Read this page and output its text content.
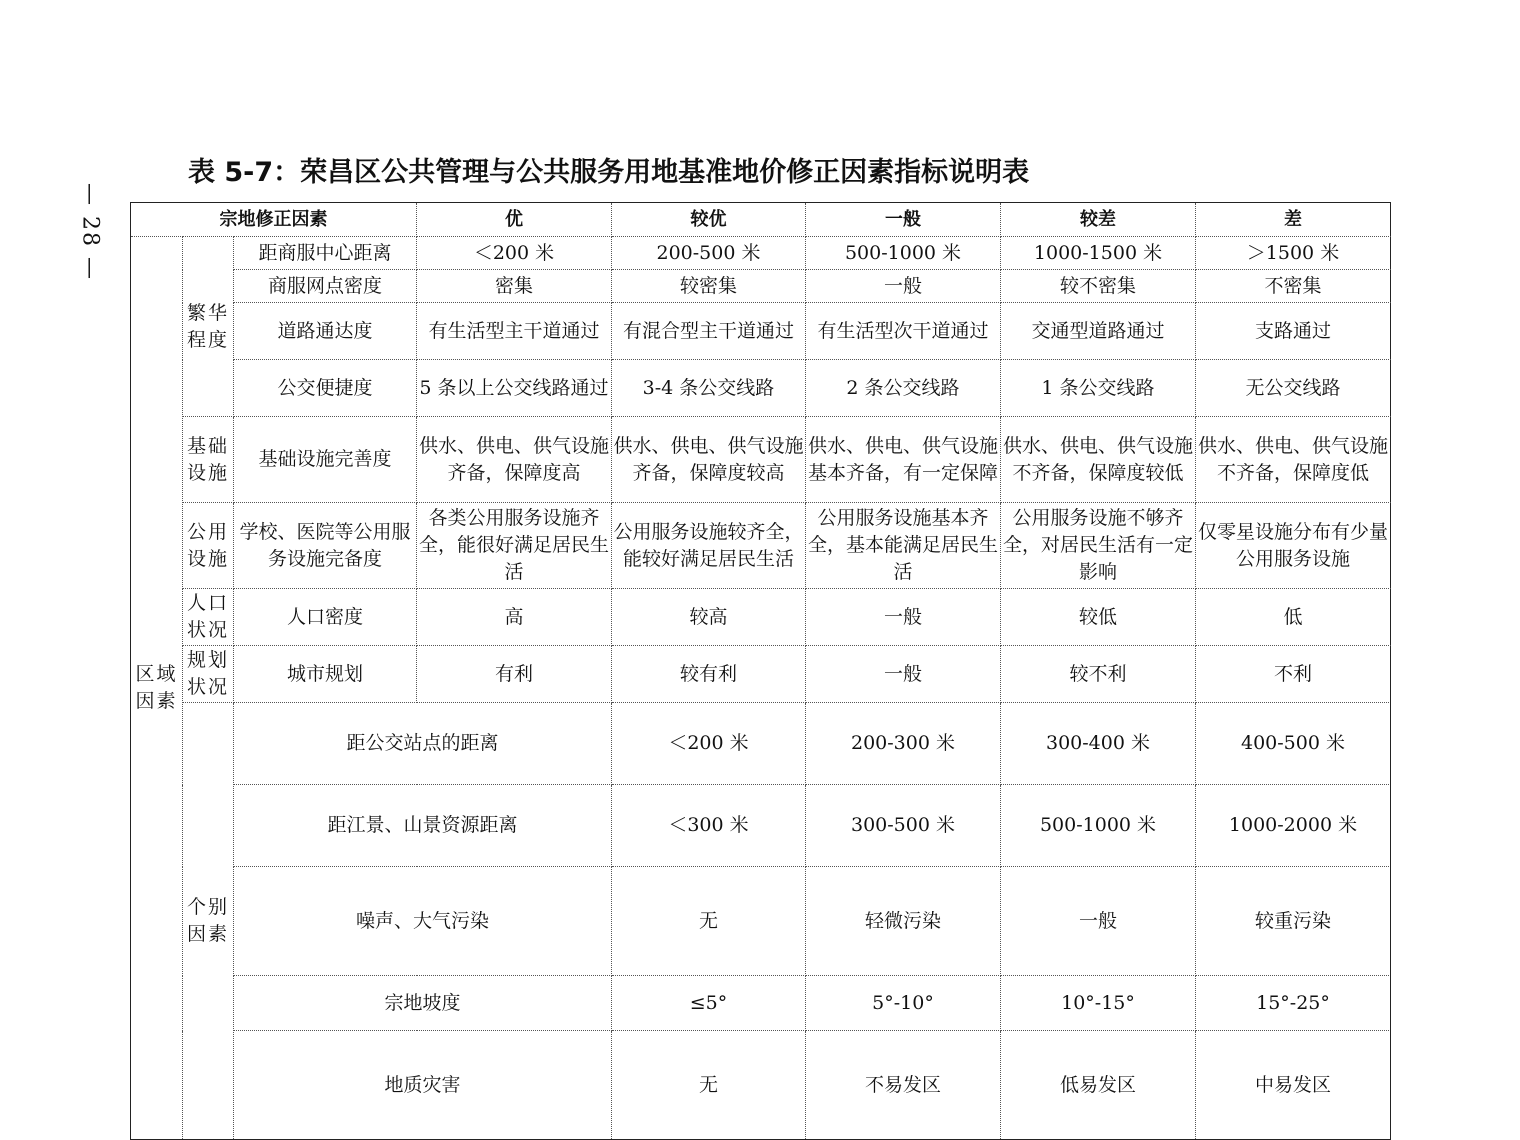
— 28 —
表 5-7：荣昌区公共管理与公共服务用地基准地价修正因素指标说明表
宗地修正因素			优	较优	一般	较差	差	
区域因素	繁华程度	距商服中心距离	＜200 米	200-500 米	500-1000 米	1000-1500 米	＞1500 米	
		商服网点密度	密集	较密集	一般	较不密集	不密集	
		道路通达度	有生活型主干道通过	有混合型主干道通过	有生活型次干道通过	交通型道路通过	支路通过	
		公交便捷度	5 条以上公交线路通过	3-4 条公交线路	2 条公交线路	1 条公交线路	无公交线路	
	基础设施	基础设施完善度	供水、供电、供气设施齐备，保障度高	供水、供电、供气设施齐备，保障度较高	供水、供电、供气设施基本齐备，有一定保障	供水、供电、供气设施不齐备，保障度较低	供水、供电、供气设施不齐备，保障度低	
	公用设施	学校、医院等公用服务设施完备度	各类公用服务设施齐全，能很好满足居民生活	公用服务设施较齐全，能较好满足居民生活	公用服务设施基本齐全，基本能满足居民生活	公用服务设施不够齐全，对居民生活有一定影响	仅零星设施分布有少量公用服务设施	
	人口状况	人口密度	高	较高	一般	较低	低	
	规划状况	城市规划	有利	较有利	一般	较不利	不利	
	个别因素	距公交站点的距离		＜200 米	200-300 米	300-400 米	400-500 米	
		距江景、山景资源距离		＜300 米	300-500 米	500-1000 米	1000-2000 米	
		噪声、大气污染		无	轻微污染	一般	较重污染	
		宗地坡度		≤5°	5°-10°	10°-15°	15°-25°	
		地质灾害		无	不易发区	低易发区	中易发区	
